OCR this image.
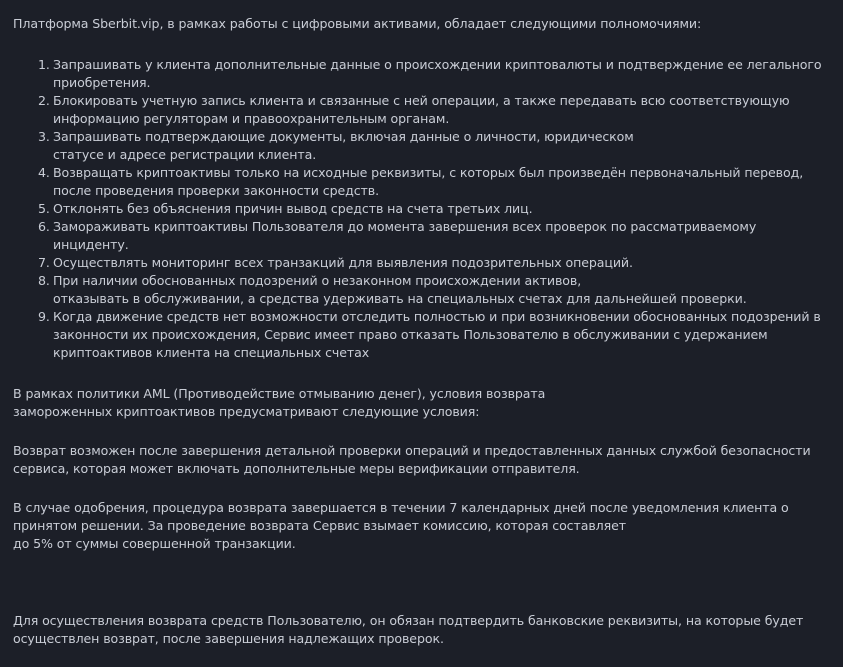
Платформа Sberbit.vip, в рамках работы с цифровыми активами, обладает следующими полномочиями:

1. Запрашивать у клиента дополнительные данные о происхождении криптовалюты и подтверждение ее легального
приобретения.
2. Блокировать учетную запись клиента и связанные с ней операции, а также передавать всю соответствующую
информацию регуляторам и правоохранительным органам.
3. Запрашивать подтверждающие документы, включая данные о личности, юридическом
статусе и адресе регистрации клиента.
4. Возвращать криптоактивы только на исходные реквизиты, с которых был произведён первоначальный перевод,
после проведения проверки законности средств.
5. Отклонять без объяснения причин вывод средств на счета третьих лиц.
6. Замораживать криптоактивы Пользователя до момента завершения всех проверок по рассматриваемому
инциденту.
7. Осуществлять мониторинг всех транзакций для выявления подозрительных операций.
8. При наличии обоснованных подозрений о незаконном происхождении активов,
отказывать в обслуживании, а средства удерживать на специальных счетах для дальнейшей проверки.
9. Когда движение средств нет возможности отследить полностью и при возникновении обоснованных подозрений в
законности их происхождения, Сервис имеет право отказать Пользователю в обслуживании с удержанием
криптоактивов клиента на специальных счетах

В рамках политики AML (Противодействие отмыванию денег), условия возврата
замороженных криптоактивов предусматривают следующие условия:

Возврат возможен после завершения детальной проверки операций и предоставленных данных службой безопасности
сервиса, которая может включать дополнительные меры верификации отправителя.

В случае одобрения, процедура возврата завершается в течении 7 календарных дней после уведомления клиента о
принятом решении. За проведение возврата Сервис взымает комиссию, которая составляет
до 5% от суммы совершенной транзакции.

Для осуществления возврата средств Пользователю, он обязан подтвердить банковские реквизиты, на которые будет
осуществлен возврат, после завершения надлежащих проверок.
